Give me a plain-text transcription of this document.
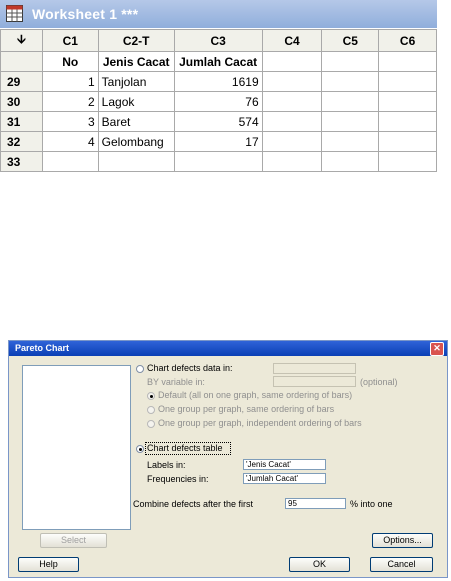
Worksheet 1 ***
🡫	C1	C2-T	C3	C4	C5	C6
	No	Jenis Cacat	Jumlah Cacat			
29	1	Tanjolan	1619			
30	2	Lagok	76			
31	3	Baret	574			
32	4	Gelombang	17			
33						
Pareto Chart	✕
Chart defects data in:
BY variable in:	(optional)
Default (all on one graph, same ordering of bars)
One group per graph, same ordering of bars
One group per graph, independent ordering of bars
Chart defects table
Labels in:	'Jenis Cacat'
Frequencies in:	'Jumlah Cacat'
Combine defects after the first	95	% into one
Select	Options...
Help	OK	Cancel
